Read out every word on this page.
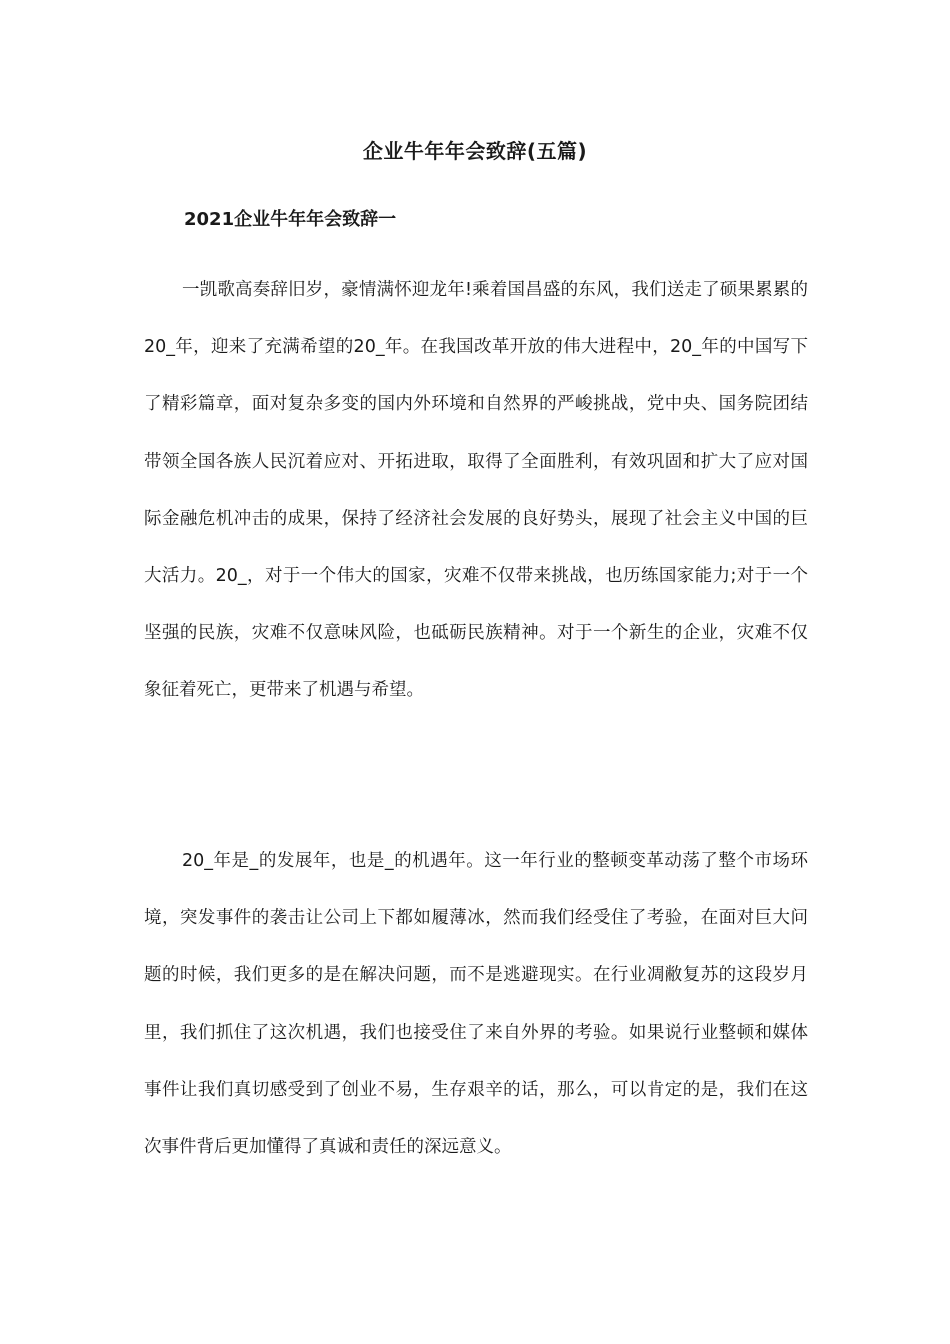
企业牛年年会致辞(五篇)
2021企业牛年年会致辞一

一凯歌高奏辞旧岁，豪情满怀迎龙年!乘着国昌盛的东风，我们送走了硕果累累的20_年，迎来了充满希望的20_年。在我国改革开放的伟大进程中，20_年的中国写下了精彩篇章，面对复杂多变的国内外环境和自然界的严峻挑战，党中央、国务院团结带领全国各族人民沉着应对、开拓进取，取得了全面胜利，有效巩固和扩大了应对国际金融危机冲击的成果，保持了经济社会发展的良好势头，展现了社会主义中国的巨大活力。20_，对于一个伟大的国家，灾难不仅带来挑战，也历练国家能力;对于一个坚强的民族，灾难不仅意味风险，也砥砺民族精神。对于一个新生的企业，灾难不仅象征着死亡，更带来了机遇与希望。

20_年是_的发展年，也是_的机遇年。这一年行业的整顿变革动荡了整个市场环境，突发事件的袭击让公司上下都如履薄冰，然而我们经受住了考验，在面对巨大问题的时候，我们更多的是在解决问题，而不是逃避现实。在行业凋敝复苏的这段岁月里，我们抓住了这次机遇，我们也接受住了来自外界的考验。如果说行业整顿和媒体事件让我们真切感受到了创业不易，生存艰辛的话，那么，可以肯定的是，我们在这次事件背后更加懂得了真诚和责任的深远意义。
